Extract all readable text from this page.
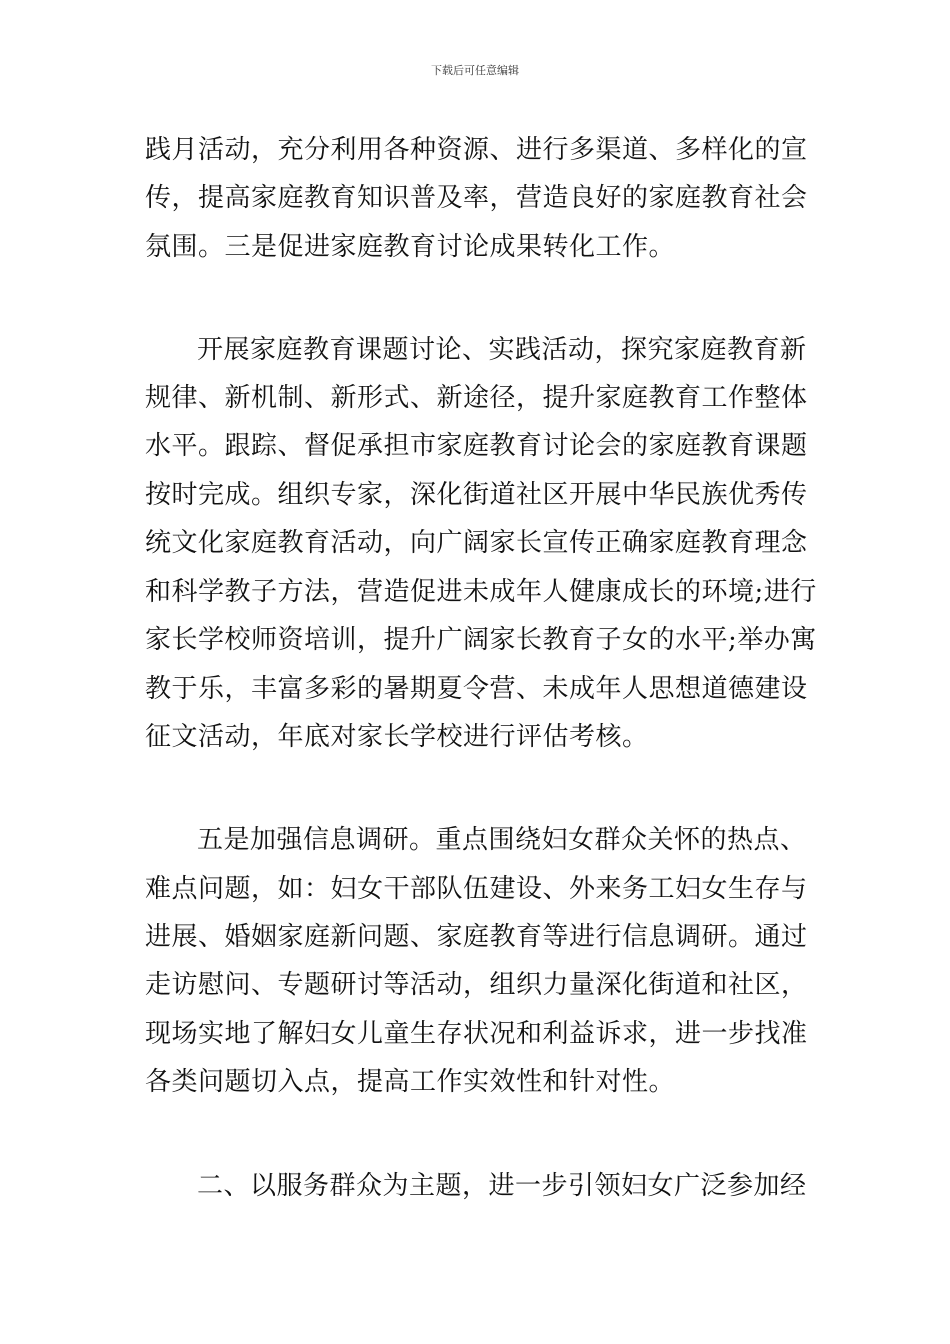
下载后可任意编辑
践月活动，充分利用各种资源、进行多渠道、多样化的宣
传，提高家庭教育知识普及率，营造良好的家庭教育社会
氛围。三是促进家庭教育讨论成果转化工作。
开展家庭教育课题讨论、实践活动，探究家庭教育新
规律、新机制、新形式、新途径，提升家庭教育工作整体
水平。跟踪、督促承担市家庭教育讨论会的家庭教育课题
按时完成。组织专家，深化街道社区开展中华民族优秀传
统文化家庭教育活动，向广阔家长宣传正确家庭教育理念
和科学教子方法，营造促进未成年人健康成长的环境;进行
家长学校师资培训，提升广阔家长教育子女的水平;举办寓
教于乐，丰富多彩的暑期夏令营、未成年人思想道德建设
征文活动，年底对家长学校进行评估考核。
五是加强信息调研。重点围绕妇女群众关怀的热点、
难点问题，如：妇女干部队伍建设、外来务工妇女生存与
进展、婚姻家庭新问题、家庭教育等进行信息调研。通过
走访慰问、专题研讨等活动，组织力量深化街道和社区，
现场实地了解妇女儿童生存状况和利益诉求，进一步找准
各类问题切入点，提高工作实效性和针对性。
二、以服务群众为主题，进一步引领妇女广泛参加经
